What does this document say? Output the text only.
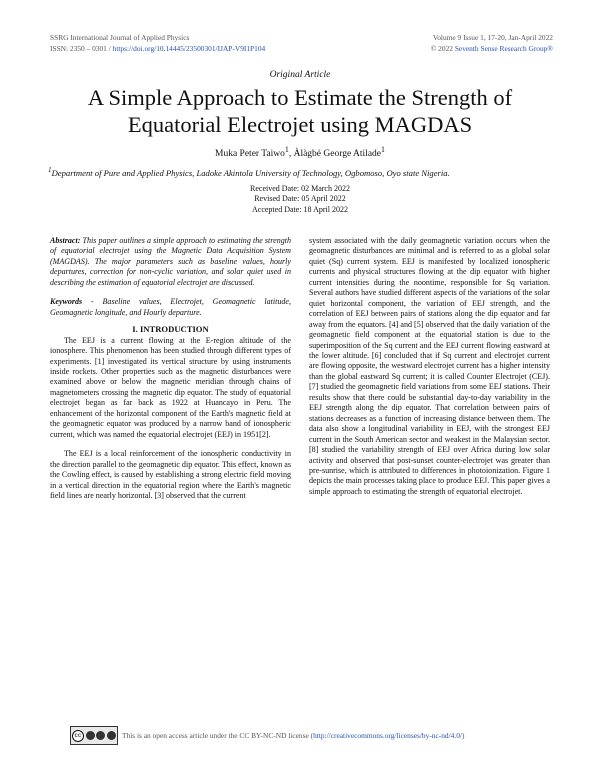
SSRG International Journal of Applied Physics
ISSN: 2350 – 0301 / https://doi.org/10.14445/23500301/IJAP-V9I1P104
Volume 9 Issue 1, 17-20, Jan-April 2022
© 2022 Seventh Sense Research Group®
Original Article
A Simple Approach to Estimate the Strength of Equatorial Electrojet using MAGDAS
Muka Peter Taiwo$^1$, Àlàgbé George Atilade$^1$
$^1$Department of Pure and Applied Physics, Ladoke Akintola University of Technology, Ogbomoso, Oyo state Nigeria.
Received Date: 02 March 2022
Revised Date: 05 April 2022
Accepted Date: 18 April 2022

Abstract: This paper outlines a simple approach to estimating the strength of equatorial electrojet using the Magnetic Data Acquisition System (MAGDAS). The major parameters such as baseline values, hourly departures, correction for non-cyclic variation, and solar quiet used in describing the estimation of equatorial electrojet are discussed.

Keywords - Baseline values, Electrojet, Geomagnetic latitude, Geomagnetic longitude, and Hourly departure.

I. INTRODUCTION

The EEJ is a current flowing at the E-region altitude of the ionosphere. This phenomenon has been studied through different types of experiments. [1] investigated its vertical structure by using instruments inside rockets. Other properties such as the magnetic disturbances were examined above or below the magnetic meridian through chains of magnetometers crossing the magnetic dip equator. The study of equatorial electrojet began as far back as 1922 at Huancayo in Peru. The enhancement of the horizontal component of the Earth's magnetic field at the geomagnetic equator was produced by a narrow band of ionospheric current, which was named the equatorial electrojet (EEJ) in 1951[2].

The EEJ is a local reinforcement of the ionospheric conductivity in the direction parallel to the geomagnetic dip equator. This effect, known as the Cowling effect, is caused by establishing a strong electric field moving in a vertical direction in the equatorial region where the Earth's magnetic field lines are nearly horizontal. [3] observed that the current

system associated with the daily geomagnetic variation occurs when the geomagnetic disturbances are minimal and is referred to as a global solar quiet (Sq) current system. EEJ is manifested by localized ionospheric currents and physical structures flowing at the dip equator with higher current intensities during the noontime, responsible for Sq variation. Several authors have studied different aspects of the variations of the solar quiet horizontal component, the variation of EEJ strength, and the correlation of EEJ between pairs of stations along the dip equator and far away from the equators. [4] and [5] observed that the daily variation of the geomagnetic field component at the equatorial station is due to the superimposition of the Sq current and the EEJ current flowing eastward at the lower altitude. [6] concluded that if Sq current and electrojet current are flowing opposite, the westward electrojet current has a higher intensity than the global eastward Sq current; it is called Counter Electrojet (CEJ). [7] studied the geomagnetic field variations from some EEJ stations. Their results show that there could be substantial day-to-day variability in the EEJ strength along the dip equator. That correlation between pairs of stations decreases as a function of increasing distance between them. The data also show a longitudinal variability in EEJ, with the strongest EEJ current in the South American sector and weakest in the Malaysian sector. [8] studied the variability strength of EEJ over Africa during low solar activity and observed that post-sunset counter-electrojet was greater than pre-sunrise, which is attributed to differences in photoionization. Figure 1 depicts the main processes taking place to produce EEJ. This paper gives a simple approach to estimating the strength of equatorial electrojet.

cc	This is an open access article under the CC BY-NC-ND license ( http://creativecommons.org/licenses/by-nc-nd/4.0/ )
